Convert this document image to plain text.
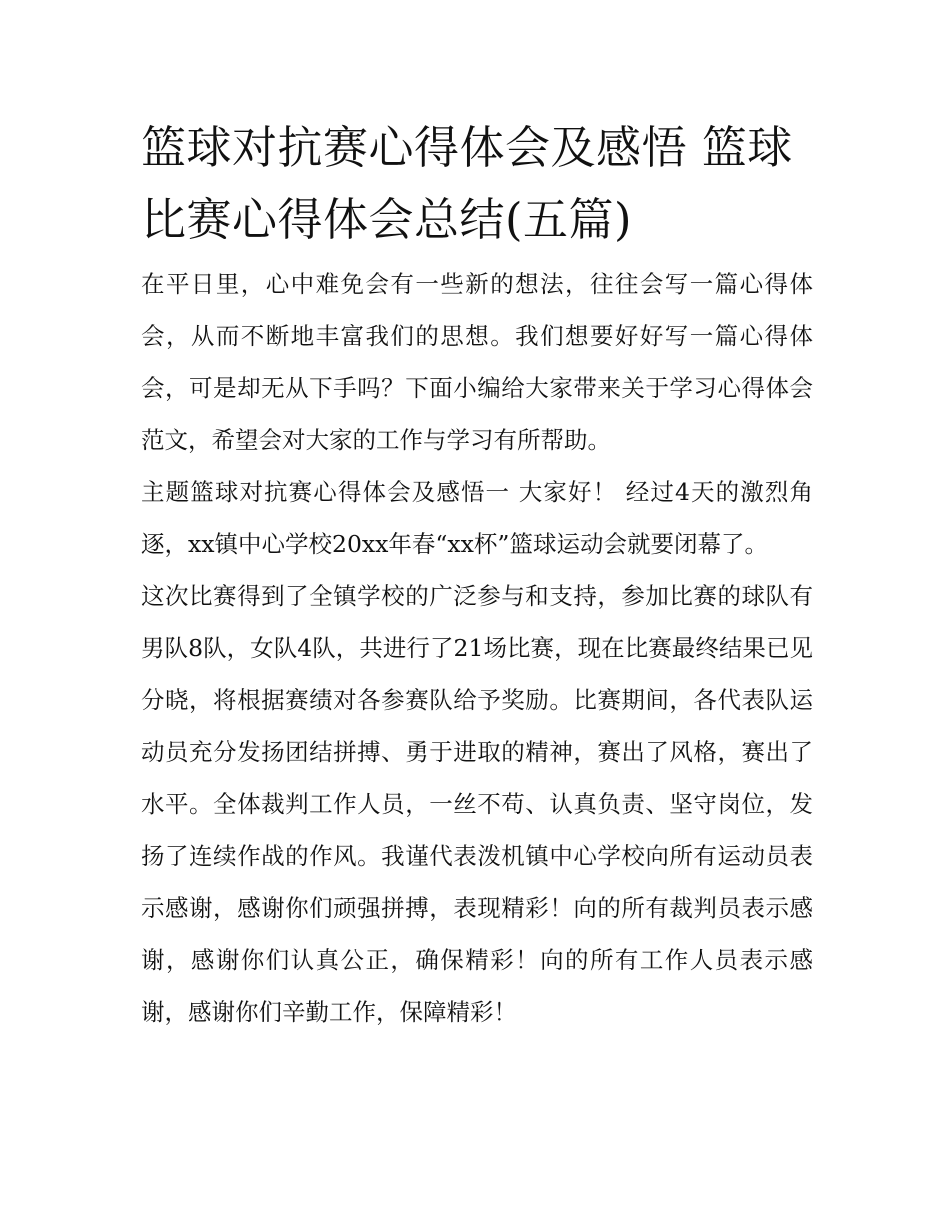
篮球对抗赛心得体会及感悟 篮球比赛心得体会总结(五篇)

在平日里，心中难免会有一些新的想法，往往会写一篇心得体会，从而不断地丰富我们的思想。我们想要好好写一篇心得体会，可是却无从下手吗？下面小编给大家带来关于学习心得体会范文，希望会对大家的工作与学习有所帮助。

主题篮球对抗赛心得体会及感悟一 大家好！ 经过4天的激烈角逐，xx镇中心学校20xx年春“xx杯”篮球运动会就要闭幕了。

这次比赛得到了全镇学校的广泛参与和支持，参加比赛的球队有男队8队，女队4队，共进行了21场比赛，现在比赛最终结果已见分晓，将根据赛绩对各参赛队给予奖励。比赛期间，各代表队运动员充分发扬团结拼搏、勇于进取的精神，赛出了风格，赛出了水平。全体裁判工作人员，一丝不苟、认真负责、坚守岗位，发扬了连续作战的作风。我谨代表泼机镇中心学校向所有运动员表示感谢，感谢你们顽强拼搏，表现精彩！向的所有裁判员表示感谢，感谢你们认真公正，确保精彩！向的所有工作人员表示感谢，感谢你们辛勤工作，保障精彩！
